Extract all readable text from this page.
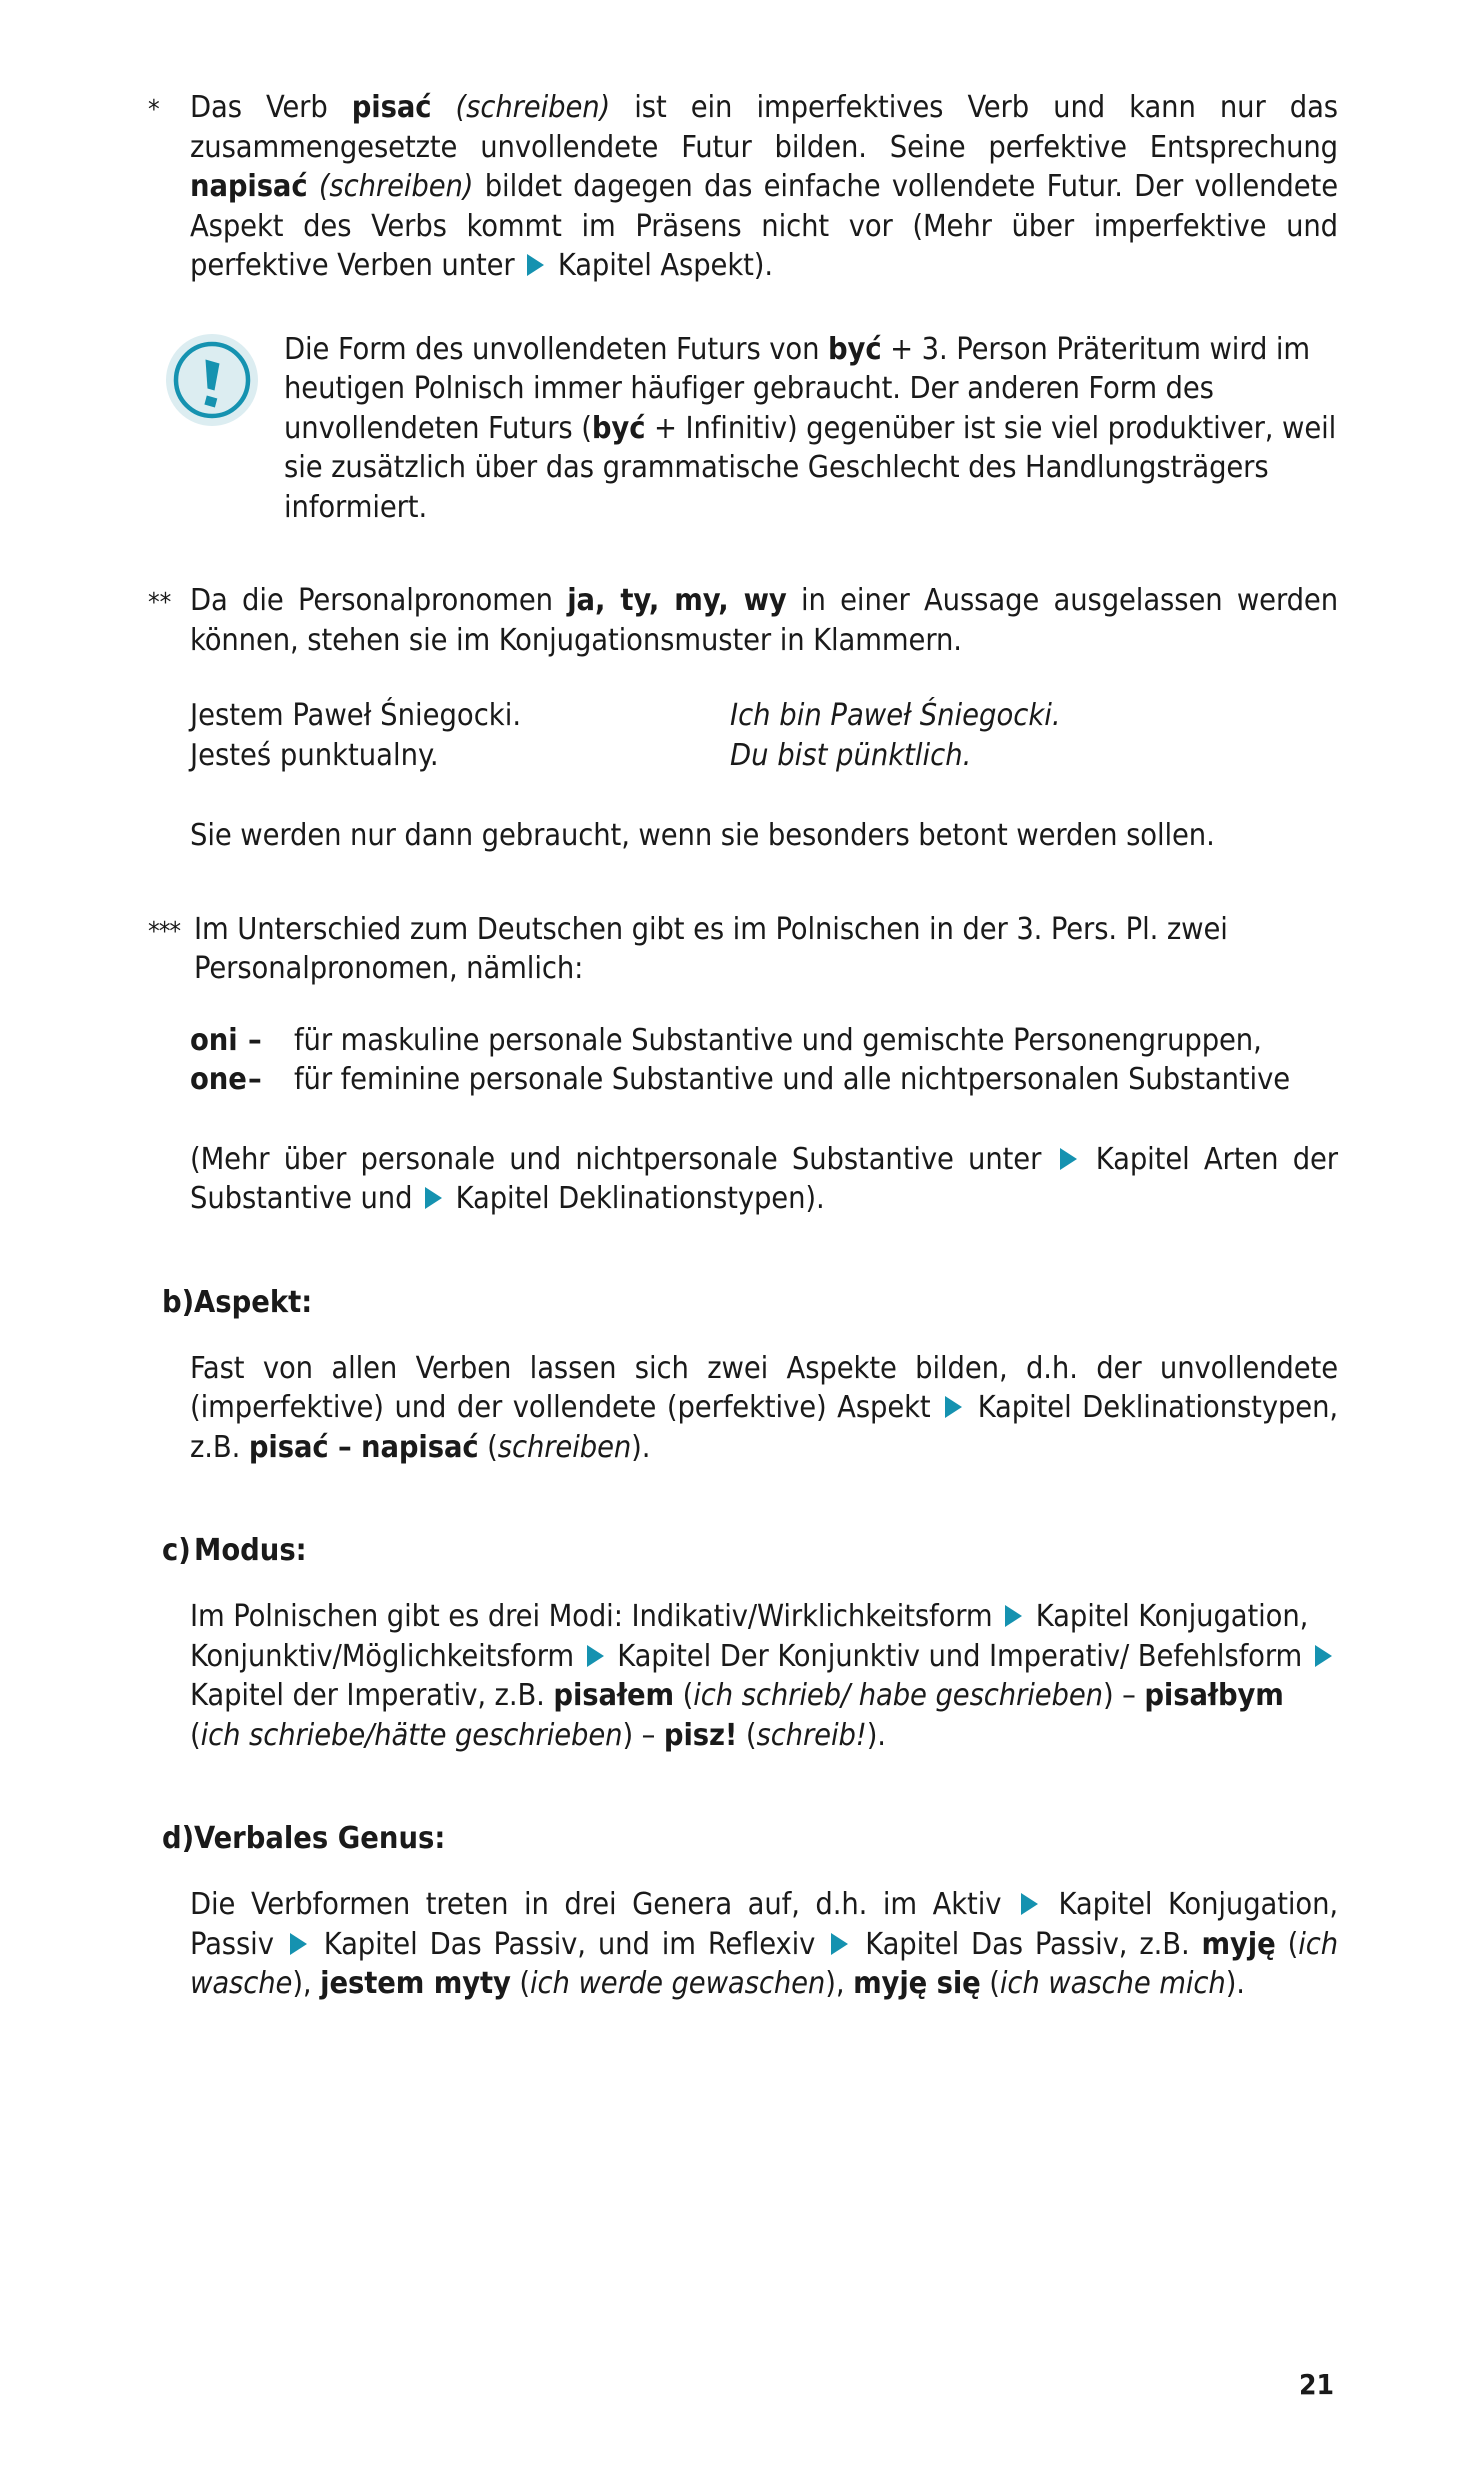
* Das Verb pisać (schreiben) ist ein imperfektives Verb und kann nur das zusammengesetzte unvollendete Futur bilden. Seine perfektive Entsprechung napisać (schreiben) bildet dagegen das einfache vollendete Futur. Der vollendete Aspekt des Verbs kommt im Präsens nicht vor (Mehr über imperfektive und perfektive Verben unter  Kapitel Aspekt).
Die Form des unvollendeten Futurs von być + 3. Person Präteritum wird im heutigen Polnisch immer häufiger gebraucht. Der anderen Form des unvollendeten Futurs (być + Infinitiv) gegenüber ist sie viel produktiver, weil sie zusätzlich über das grammatische Geschlecht des Handlungsträgers informiert.
** Da die Personalpronomen ja, ty, my, wy in einer Aussage ausgelassen werden können, stehen sie im Konjugationsmuster in Klammern.
Jestem Paweł Śniegocki.	Ich bin Paweł Śniegocki.
Jesteś punktualny.	Du bist pünktlich.
Sie werden nur dann gebraucht, wenn sie besonders betont werden sollen.
*** Im Unterschied zum Deutschen gibt es im Polnischen in der 3. Pers. Pl. zwei Personalpronomen, nämlich:
oni –	für maskuline personale Substantive und gemischte Personengruppen,
one –	für feminine personale Substantive und alle nichtpersonalen Substantive
(Mehr über personale und nichtpersonale Substantive unter  Kapitel Arten der Substantive und  Kapitel Deklinationstypen).
b) Aspekt:
Fast von allen Verben lassen sich zwei Aspekte bilden, d.h. der unvollendete (imperfektive) und der vollendete (perfektive) Aspekt  Kapitel Deklinationstypen, z.B. pisać – napisać (schreiben).
c) Modus:
Im Polnischen gibt es drei Modi: Indikativ/Wirklichkeitsform  Kapitel Konjugation, Konjunktiv/Möglichkeitsform  Kapitel Der Konjunktiv und Imperativ/ Befehlsform  Kapitel der Imperativ, z.B. pisałem (ich schrieb/ habe geschrieben) – pisałbym (ich schriebe/hätte geschrieben) – pisz! (schreib!).
d) Verbales Genus:
Die Verbformen treten in drei Genera auf, d.h. im Aktiv  Kapitel Konjugation, Passiv  Kapitel Das Passiv, und im Reflexiv  Kapitel Das Passiv, z.B. myję (ich wasche), jestem myty (ich werde gewaschen), myję się (ich wasche mich).
21
